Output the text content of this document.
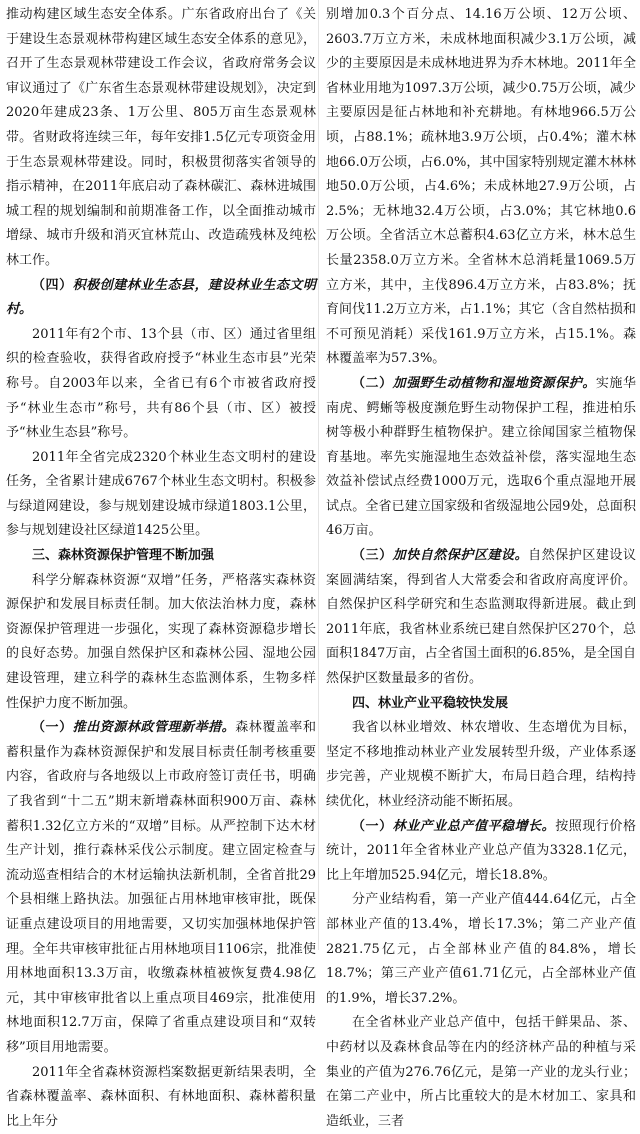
推动构建区域生态安全体系。广东省政府出台了《关于建设生态景观林带构建区域生态安全体系的意见》，召开了生态景观林带建设工作会议，省政府常务会议审议通过了《广东省生态景观林带建设规划》，决定到2020年建成23条、1万公里、805万亩生态景观林带。省财政将连续三年，每年安排1.5亿元专项资金用于生态景观林带建设。同时，积极贯彻落实省领导的指示精神，在2011年底启动了森林碳汇、森林进城围城工程的规划编制和前期准备工作，以全面推动城市增绿、城市升级和消灭宜林荒山、改造疏残林及纯松林工作。

（四）积极创建林业生态县，建设林业生态文明村。

2011年有2个市、13个县（市、区）通过省里组织的检查验收，获得省政府授予“林业生态市县”光荣称号。自2003年以来，全省已有6个市被省政府授予“林业生态市”称号，共有86个县（市、区）被授予“林业生态县”称号。

2011年全省完成2320个林业生态文明村的建设任务，全省累计建成6767个林业生态文明村。积极参与绿道网建设，参与规划建设城市绿道1803.1公里，参与规划建设社区绿道1425公里。

三、森林资源保护管理不断加强

科学分解森林资源“双增”任务，严格落实森林资源保护和发展目标责任制。加大依法治林力度，森林资源保护管理进一步强化，实现了森林资源稳步增长的良好态势。加强自然保护区和森林公园、湿地公园建设管理，建立科学的森林生态监测体系，生物多样性保护力度不断加强。

（一）推出资源林政管理新举措。森林覆盖率和蓄积量作为森林资源保护和发展目标责任制考核重要内容，省政府与各地级以上市政府签订责任书，明确了我省到“十二五”期末新增森林面积900万亩、森林蓄积1.32亿立方米的“双增”目标。从严控制下达木材生产计划，推行森林采伐公示制度。建立固定检查与流动巡查相结合的木材运输执法新机制，全省首批29个县相继上路执法。加强征占用林地审核审批，既保证重点建设项目的用地需要，又切实加强林地保护管理。全年共审核审批征占用林地项目1106宗，批准使用林地面积13.3万亩，收缴森林植被恢复费4.98亿元，其中审核审批省以上重点项目469宗，批准使用林地面积12.7万亩，保障了省重点建设项目和“双转移”项目用地需要。

2011年全省森林资源档案数据更新结果表明，全省森林覆盖率、森林面积、有林地面积、森林蓄积量比上年分

别增加0.3个百分点、14.16万公顷、12万公顷、2603.7万立方米，未成林地面积减少3.1万公顷，减少的主要原因是未成林地进界为乔木林地。2011年全省林业用地为1097.3万公顷，减少0.75万公顷，减少主要原因是征占林地和补充耕地。有林地966.5万公顷，占88.1%；疏林地3.9万公顷，占0.4%；灌木林地66.0万公顷，占6.0%，其中国家特别规定灌木林林地50.0万公顷，占4.6%；未成林地27.9万公顷，占2.5%；无林地32.4万公顷，占3.0%；其它林地0.6万公顷。全省活立木总蓄积4.63亿立方米，林木总生长量2358.0万立方米。全省林木总消耗量1069.5万立方米，其中，主伐896.4万立方米，占83.8%；抚育间伐11.2万立方米，占1.1%；其它（含自然枯损和不可预见消耗）采伐161.9万立方米，占15.1%。森林覆盖率为57.3%。

（二）加强野生动植物和湿地资源保护。实施华南虎、鳄蜥等极度濒危野生动物保护工程，推进柏乐树等极小种群野生植物保护。建立徐闻国家兰植物保育基地。率先实施湿地生态效益补偿，落实湿地生态效益补偿试点经费1000万元，选取6个重点湿地开展试点。全省已建立国家级和省级湿地公园9处，总面积46万亩。

（三）加快自然保护区建设。自然保护区建设议案圆满结案，得到省人大常委会和省政府高度评价。自然保护区科学研究和生态监测取得新进展。截止到2011年底，我省林业系统已建自然保护区270个，总面积1847万亩，占全省国土面积的6.85%，是全国自然保护区数量最多的省份。

四、林业产业平稳较快发展

我省以林业增效、林农增收、生态增优为目标，坚定不移地推动林业产业发展转型升级，产业体系逐步完善，产业规模不断扩大，布局日趋合理，结构持续优化，林业经济动能不断拓展。

（一）林业产业总产值平稳增长。按照现行价格统计，2011年全省林业产业总产值为3328.1亿元，比上年增加525.94亿元，增长18.8%。

分产业结构看，第一产业产值444.64亿元，占全部林业产值的13.4%，增长17.3%；第二产业产值2821.75亿元，占全部林业产值的84.8%，增长18.7%；第三产业产值61.71亿元，占全部林业产值的1.9%，增长37.2%。

在全省林业产业总产值中，包括干鲜果品、茶、中药材以及森林食品等在内的经济林产品的种植与采集业的产值为276.76亿元，是第一产业的龙头行业；在第二产业中，所占比重较大的是木材加工、家具和造纸业，三者
